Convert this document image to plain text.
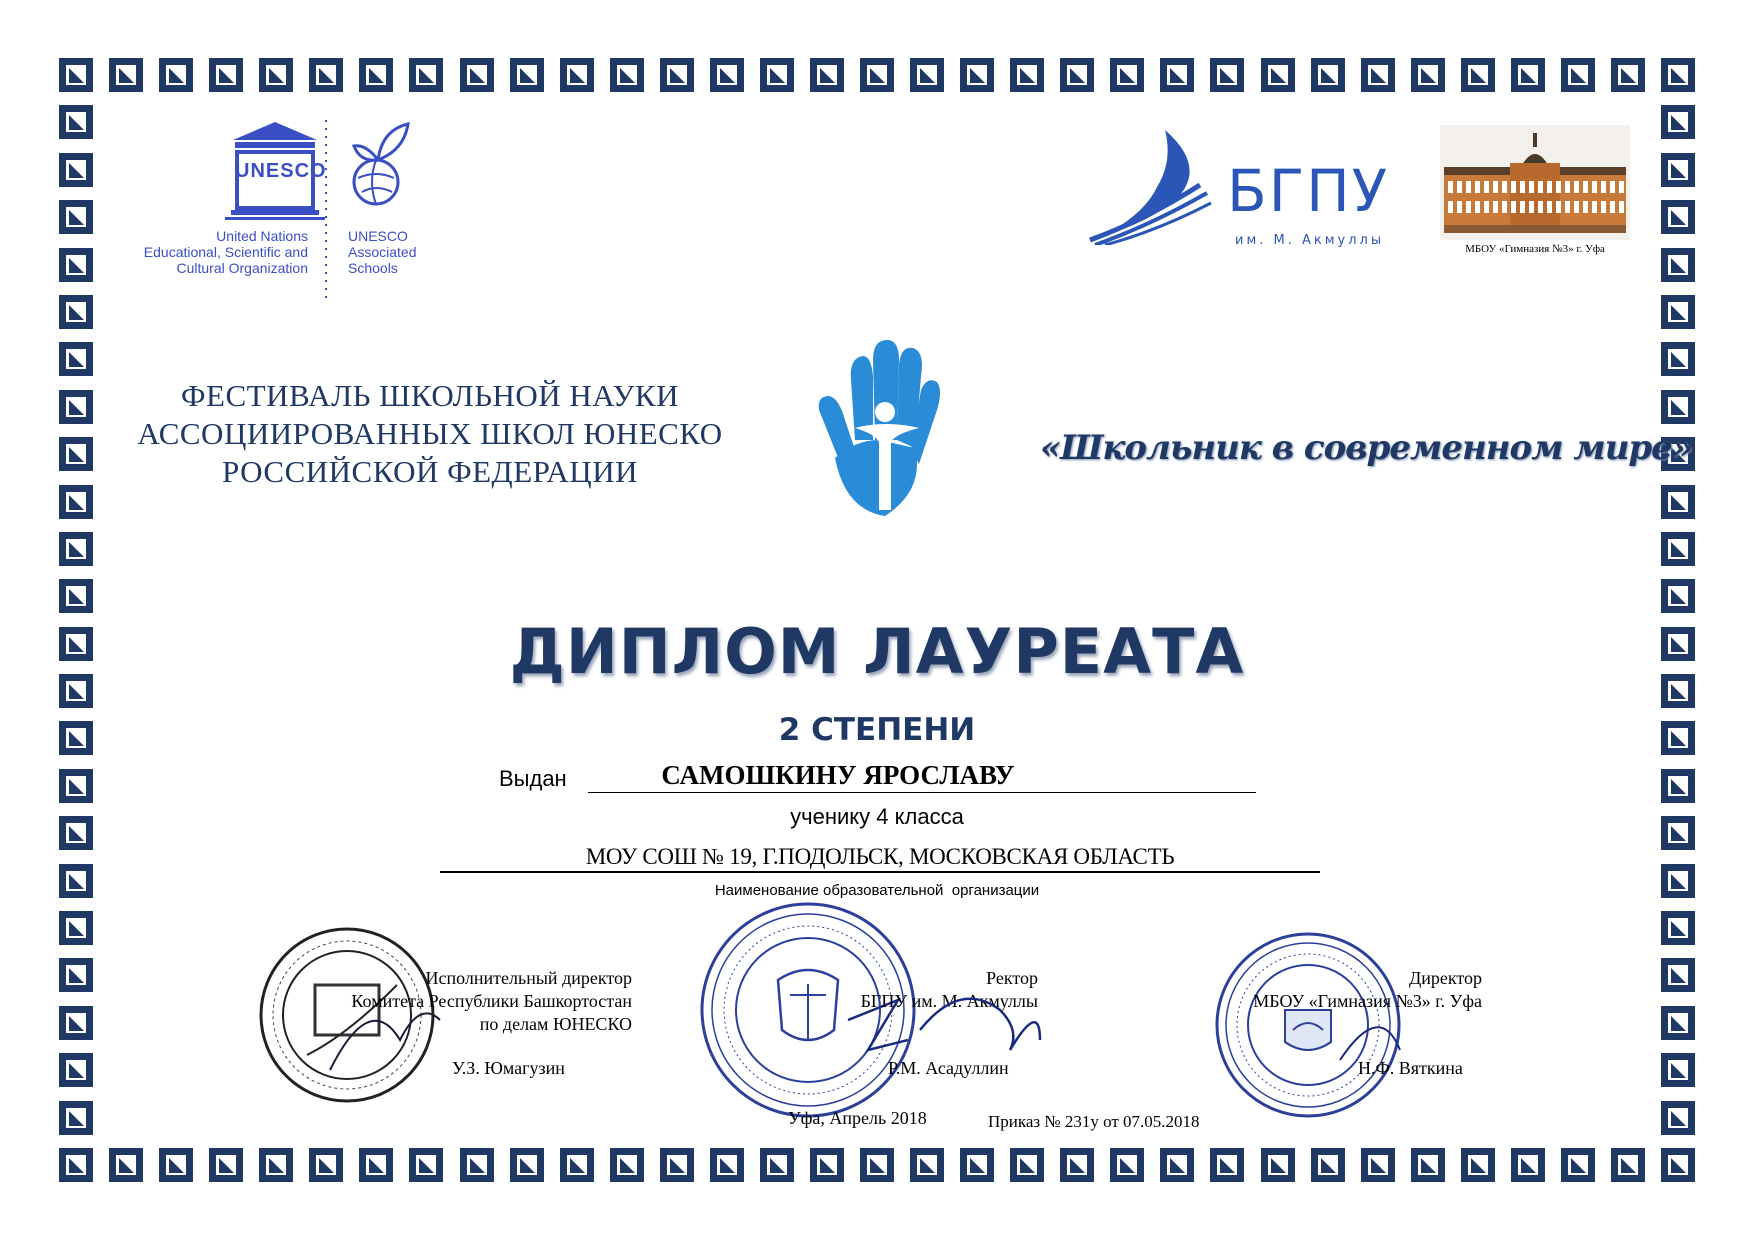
UNESCO
United Nations
Educational, Scientific and
Cultural Organization
UNESCO
Associated
Schools
БГПУ
им. М. Акмуллы
МБОУ «Гимназия №3» г. Уфа
ФЕСТИВАЛЬ ШКОЛЬНОЙ НАУКИ
АССОЦИИРОВАННЫХ ШКОЛ ЮНЕСКО
РОССИЙСКОЙ ФЕДЕРАЦИИ
«Школьник в современном мире»
ДИПЛОМ ЛАУРЕАТА
2 СТЕПЕНИ
Выдан	САМОШКИНУ ЯРОСЛАВУ
ученику 4 класса
МОУ СОШ № 19, Г.ПОДОЛЬСК, МОСКОВСКАЯ ОБЛАСТЬ
Наименование образовательной  организации
Исполнительный директор
Комитета Республики Башкортостан
по делам ЮНЕСКО
У.З. Юмагузин
Ректор
БГПУ им. М. Акмуллы
Р.М. Асадуллин
Директор
МБОУ «Гимназия №3» г. Уфа
Н.Ф. Вяткина
Уфа, Апрель 2018	Приказ № 231у от 07.05.2018
